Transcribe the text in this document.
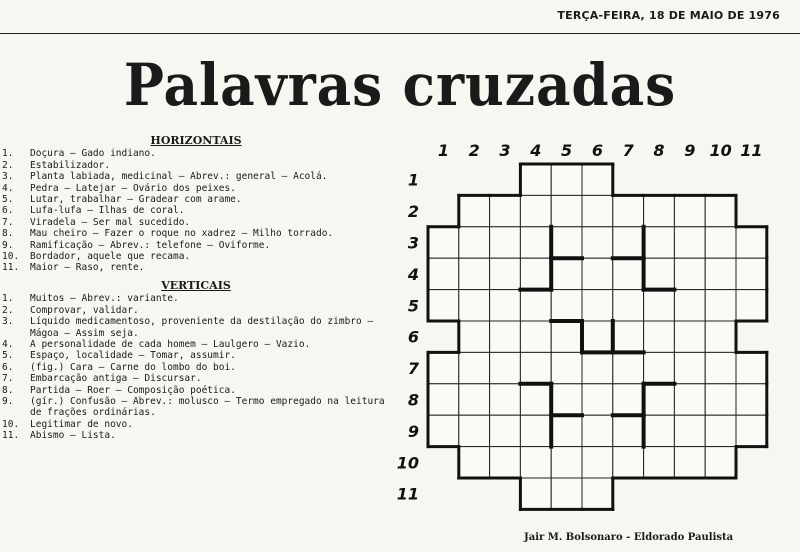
TERÇA-FEIRA, 18 DE MAIO DE 1976
Palavras cruzadas
HORIZONTAIS
1.	Doçura — Gado indiano.
2.	Estabilizador.
3.	Planta labiada, medicinal — Abrev.: general — Acolá.
4.	Pedra — Latejar — Ovário dos peixes.
5.	Lutar, trabalhar — Gradear com arame.
6.	Lufa-lufa — Ilhas de coral.
7.	Viradela — Ser mal sucedido.
8.	Mau cheiro — Fazer o roque no xadrez — Milho torrado.
9.	Ramificação — Abrev.: telefone — Oviforme.
10.	Bordador, aquele que recama.
11.	Maior — Raso, rente.
VERTICAIS
1.	Muitos — Abrev.: variante.
2.	Comprovar, validar.
3.	Líquido medicamentoso, proveniente da destilação do zimbro — Mágoa — Assim seja.
4.	A personalidade de cada homem — Laulgero — Vazio.
5.	Espaço, localidade — Tomar, assumir.
6.	(fig.) Cara — Carne do lombo do boi.
7.	Embarcação antiga — Discursar.
8.	Partida — Roer — Composição poética.
9.	(gír.) Confusão — Abrev.: molusco — Termo empregado na leitura de frações ordinárias.
10.	Legitimar de novo.
11.	Abismo — Lista.
1 2 3 4 5 6 7 8 9 10 11
1
2
3
4
5
6
7
8
9
10
11
Jair M. Bolsonaro - Eldorado Paulista
